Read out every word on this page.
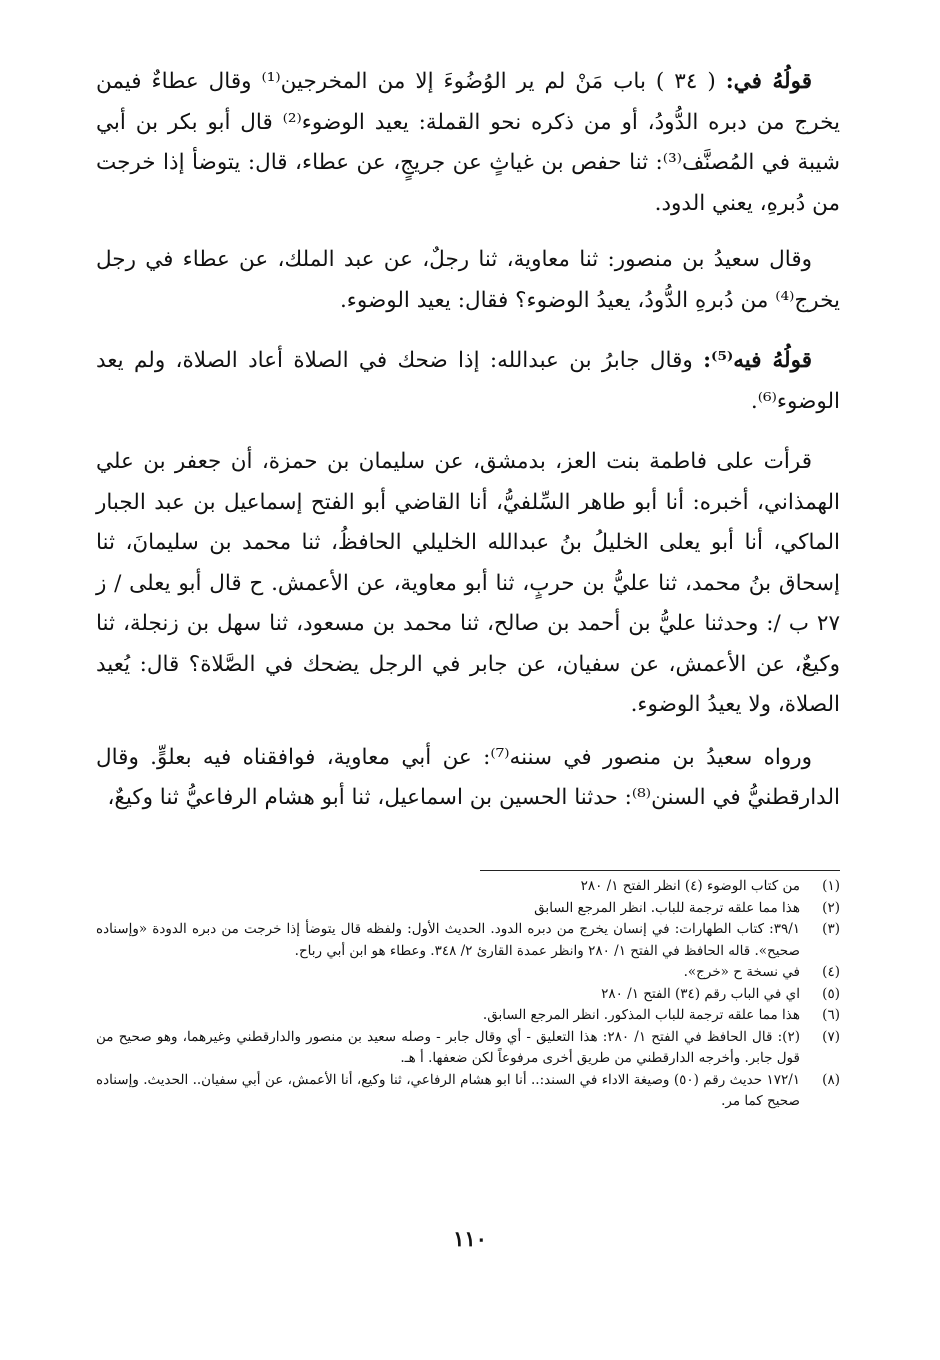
قولُهُ في: ( ٣٤ ) باب مَنْ لم ير الوُضُوءَ إلا من المخرجين⁽¹⁾ وقال عطاءٌ فيمن يخرج من دبره الدُّودُ، أو من ذكره نحو القملة: يعيد الوضوء⁽²⁾ قال أبو بكر بن أبي شيبة في المُصنَّف⁽³⁾: ثنا حفص بن غياثٍ عن جريجٍ، عن عطاء، قال: يتوضأ إذا خرجت من دُبرهِ، يعني الدود.

وقال سعيدُ بن منصور: ثنا معاوية، ثنا رجلٌ، عن عبد الملك، عن عطاء في رجل يخرج⁽⁴⁾ من دُبرهِ الدُّودُ، يعيدُ الوضوء؟ فقال: يعيد الوضوء.

قولُهُ فيه⁽⁵⁾: وقال جابرُ بن عبدالله: إذا ضحك في الصلاة أعاد الصلاة، ولم يعد الوضوء⁽⁶⁾.

قرأت على فاطمة بنت العز، بدمشق، عن سليمان بن حمزة، أن جعفر بن علي الهمذاني، أخبره: أنا أبو طاهر السِّلفيُّ، أنا القاضي أبو الفتح إسماعيل بن عبد الجبار الماكي، أنا أبو يعلى الخليلُ بنُ عبدالله الخليلي الحافظُ، ثنا محمد بن سليمانَ، ثنا إسحاق بنُ محمد، ثنا عليُّ بن حربٍ، ثنا أبو معاوية، عن الأعمش. ح قال أبو يعلى / ز ٢٧ ب /: وحدثنا عليُّ بن أحمد بن صالح، ثنا محمد بن مسعود، ثنا سهل بن زنجلة، ثنا وكيعٌ، عن الأعمش، عن سفيان، عن جابر في الرجل يضحك في الصَّلاة؟ قال: يُعيد الصلاة، ولا يعيدُ الوضوء.

ورواه سعيدُ بن منصور في سننه⁽⁷⁾: عن أبي معاوية، فوافقناه فيه بعلوٍّ. وقال الدارقطنيُّ في السنن⁽⁸⁾: حدثنا الحسين بن اسماعيل، ثنا أبو هشام الرفاعيُّ ثنا وكيعٌ،

(١)
من كتاب الوضوء (٤) انظر الفتح ١/ ٢٨٠
(٢)
هذا مما علقه ترجمة للباب. انظر المرجع السابق
(٣)
٣٩/١: كتاب الطهارات: في إنسان يخرج من دبره الدود. الحديث الأول: ولفظه قال يتوضأ إذا خرجت من دبره الدودة «وإسناده صحيح». قاله الحافظ في الفتح ١/ ٢٨٠ وانظر عمدة القارئ ٢/ ٣٤٨. وعطاء هو ابن أبي رباح.
(٤)
في نسخة ح «خرج».
(٥)
اي في الباب رقم (٣٤) الفتح ١/ ٢٨٠
(٦)
هذا مما علقه ترجمة للباب المذكور. انظر المرجع السابق.
(٧)
(٢): قال الحافظ في الفتح ١/ ٢٨٠: هذا التعليق - أي وقال جابر - وصله سعيد بن منصور والدارقطني وغيرهما، وهو صحيح من قول جابر. وأخرجه الدارقطني من طريق أخرى مرفوعاً لكن ضعفها. أ هـ.
(٨)
١٧٢/١ حديث رقم (٥٠) وصيغة الاداء في السند:.. أنا ابو هشام الرفاعي، ثنا وكيع، أنا الأعمش، عن أبي سفيان.. الحديث. وإسناده صحيح كما مر.
١١٠
